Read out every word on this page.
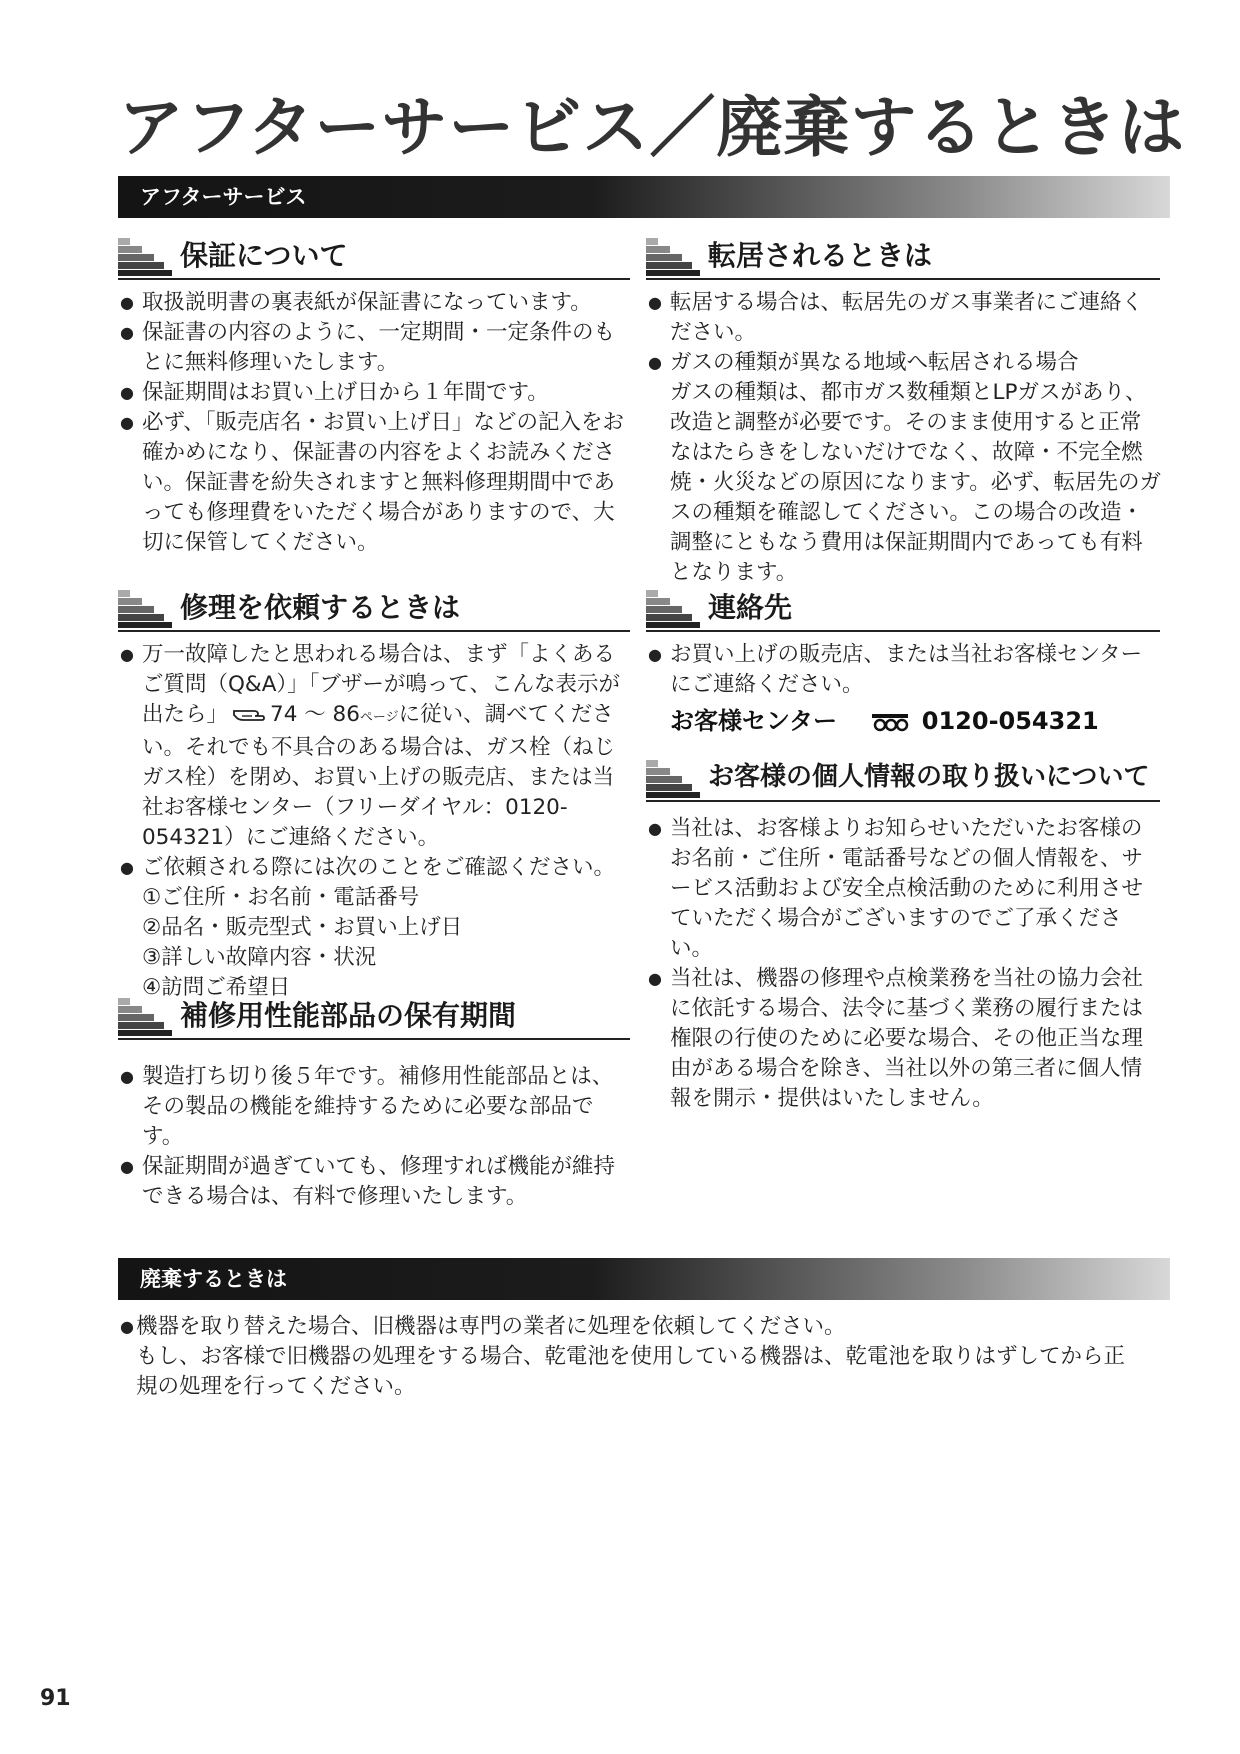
アフターサービス／廃棄するときは
アフターサービス
保証について

● 取扱説明書の裏表紙が保証書になっています。

● 保証書の内容のように、一定期間・一定条件のもとに無料修理いたします。

● 保証期間はお買い上げ日から１年間です。

● 必ず、「販売店名・お買い上げ日」などの記入をお確かめになり、保証書の内容をよくお読みください。保証書を紛失されますと無料修理期間中であっても修理費をいただく場合がありますので、大切に保管してください。

修理を依頼するときは

● 万一故障したと思われる場合は、まず「よくあるご質問（Q&A）」「ブザーが鳴って、こんな表示が出たら」 74 ～ 86ページに従い、調べてください。それでも不具合のある場合は、ガス栓（ねじガス栓）を閉め、お買い上げの販売店、または当社お客様センター（フリーダイヤル：0120-054321）にご連絡ください。

● ご依頼される際には次のことをご確認ください。

①ご住所・お名前・電話番号

②品名・販売型式・お買い上げ日

③詳しい故障内容・状況

④訪問ご希望日

補修用性能部品の保有期間

● 製造打ち切り後５年です。補修用性能部品とは、その製品の機能を維持するために必要な部品です。

● 保証期間が過ぎていても、修理すれば機能が維持できる場合は、有料で修理いたします。

転居されるときは

● 転居する場合は、転居先のガス事業者にご連絡ください。

● ガスの種類が異なる地域へ転居される場合

ガスの種類は、都市ガス数種類とLPガスがあり、改造と調整が必要です。そのまま使用すると正常なはたらきをしないだけでなく、故障・不完全燃焼・火災などの原因になります。必ず、転居先のガスの種類を確認してください。この場合の改造・調整にともなう費用は保証期間内であっても有料となります。

連絡先

● お買い上げの販売店、または当社お客様センターにご連絡ください。

お客様センター	0120-054321
お客様の個人情報の取り扱いについて

● 当社は、お客様よりお知らせいただいたお客様のお名前・ご住所・電話番号などの個人情報を、サービス活動および安全点検活動のために利用させていただく場合がございますのでご了承ください。

● 当社は、機器の修理や点検業務を当社の協力会社に依託する場合、法令に基づく業務の履行または権限の行使のために必要な場合、その他正当な理由がある場合を除き、当社以外の第三者に個人情報を開示・提供はいたしません。

廃棄するときは

● 機器を取り替えた場合、旧機器は専門の業者に処理を依頼してください。

もし、お客様で旧機器の処理をする場合、乾電池を使用している機器は、乾電池を取りはずしてから正規の処理を行ってください。

91
